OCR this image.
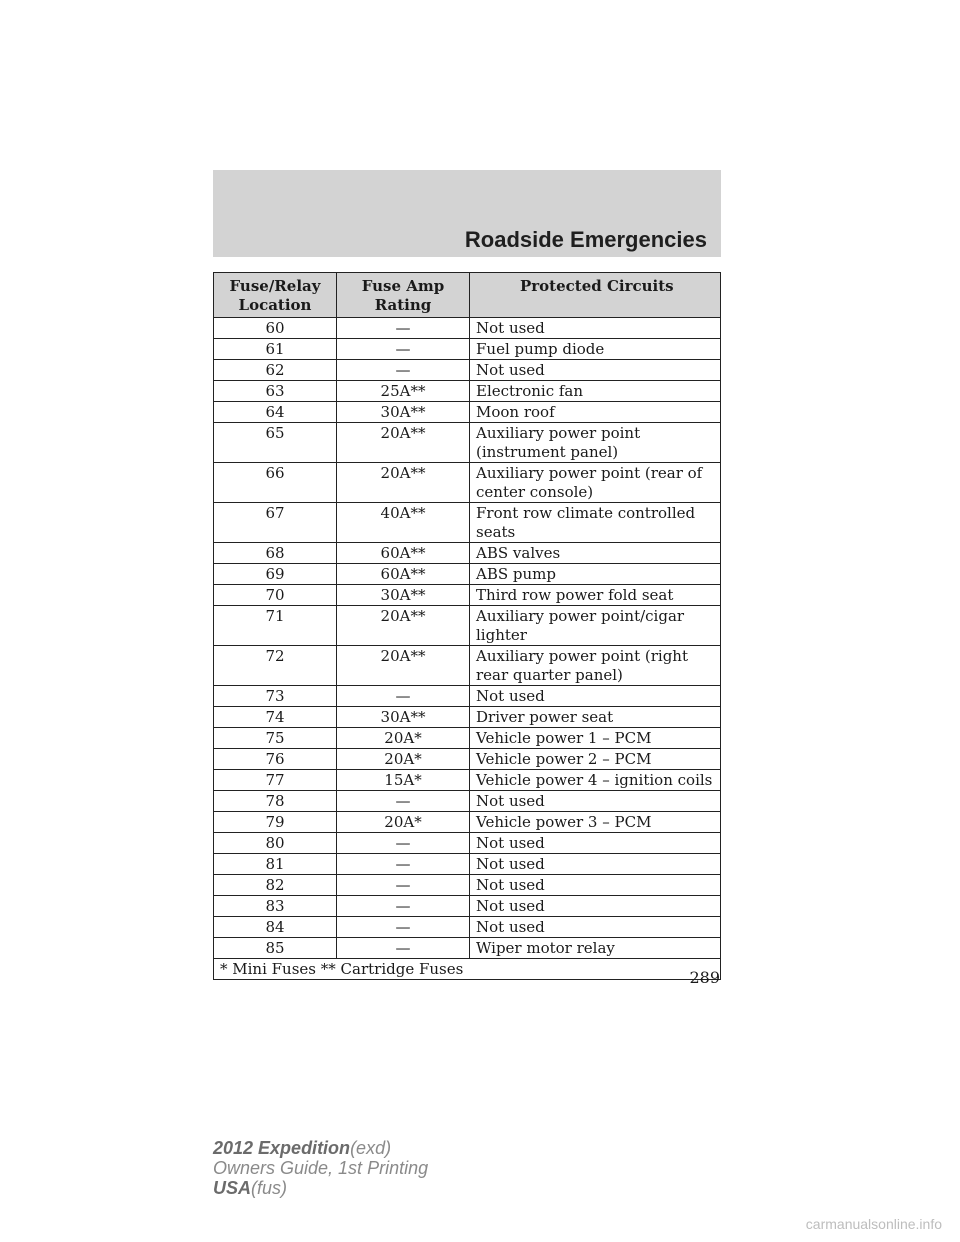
Roadside Emergencies
Fuse/Relay Location	Fuse Amp Rating	Protected Circuits
60	—	Not used
61	—	Fuel pump diode
62	—	Not used
63	25A**	Electronic fan
64	30A**	Moon roof
65	20A**	Auxiliary power point (instrument panel)
66	20A**	Auxiliary power point (rear of center console)
67	40A**	Front row climate controlled seats
68	60A**	ABS valves
69	60A**	ABS pump
70	30A**	Third row power fold seat
71	20A**	Auxiliary power point/cigar lighter
72	20A**	Auxiliary power point (right rear quarter panel)
73	—	Not used
74	30A**	Driver power seat
75	20A*	Vehicle power 1 – PCM
76	20A*	Vehicle power 2 – PCM
77	15A*	Vehicle power 4 – ignition coils
78	—	Not used
79	20A*	Vehicle power 3 – PCM
80	—	Not used
81	—	Not used
82	—	Not used
83	—	Not used
84	—	Not used
85	—	Wiper motor relay
* Mini Fuses ** Cartridge Fuses			289

2012 Expedition(exd)
Owners Guide, 1st Printing
USA(fus)
carmanualsonline.info
